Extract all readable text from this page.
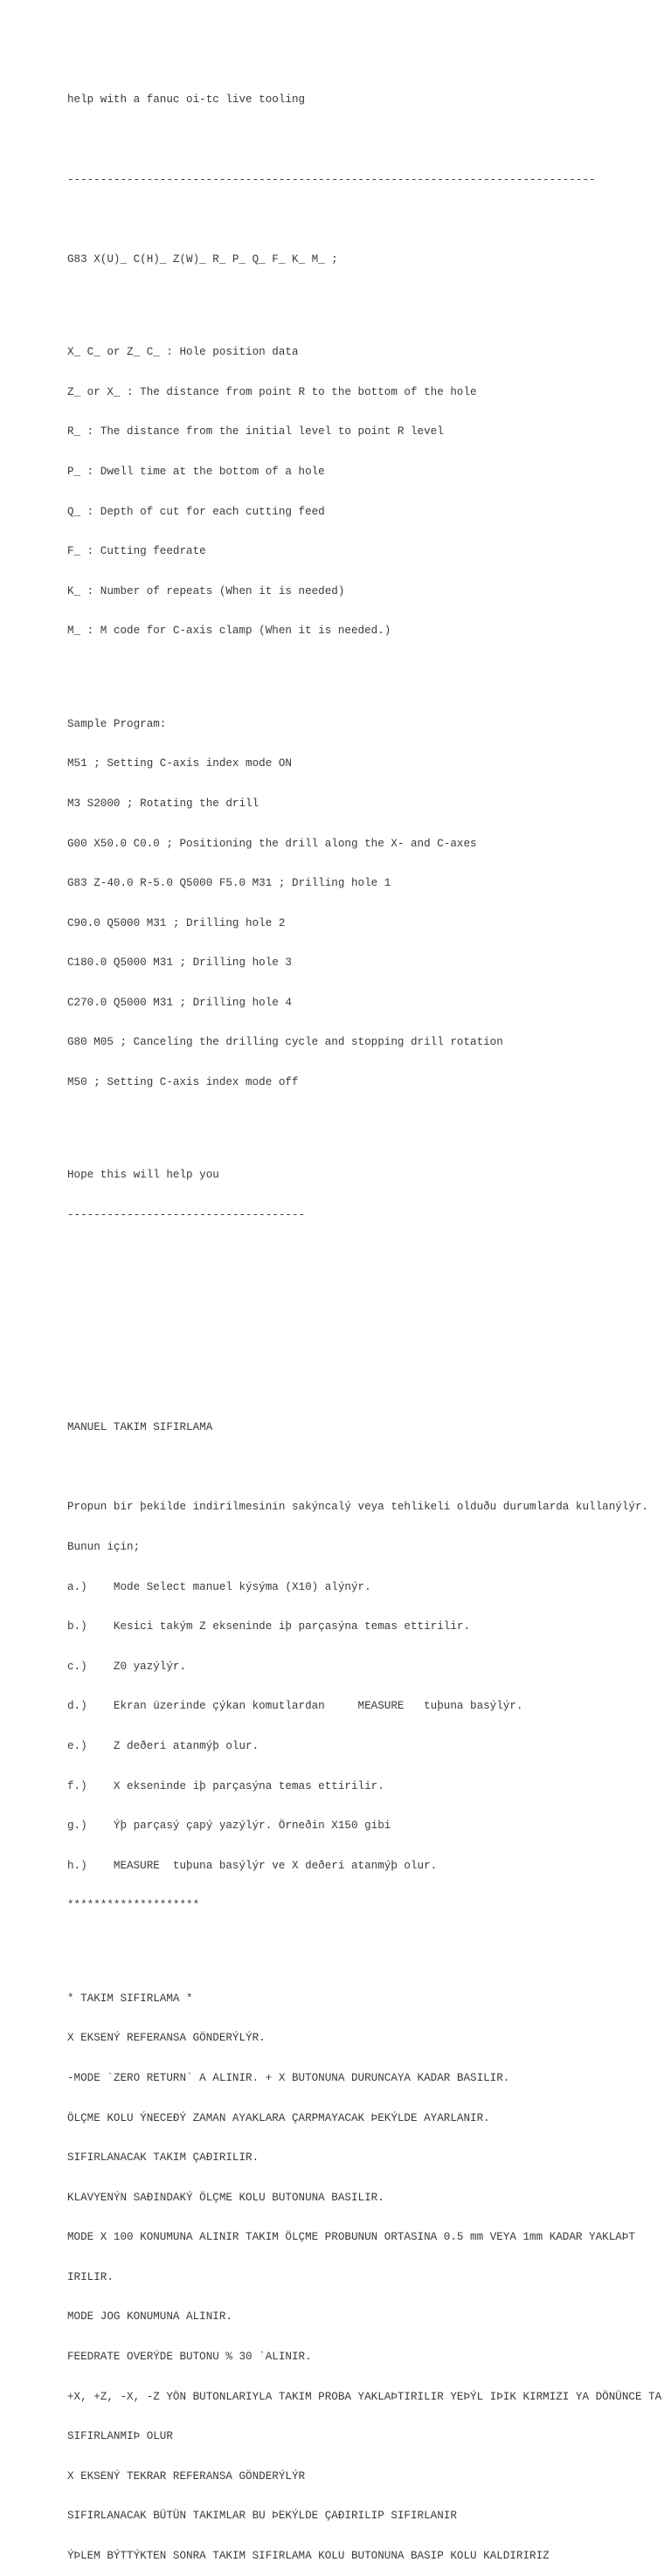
help with a fanuc oi-tc live tooling

--------------------------------------------------------------------------------

G83 X(U)_ C(H)_ Z(W)_ R_ P_ Q_ F_ K_ M_ ;

X_ C_ or Z_ C_ : Hole position data

Z_ or X_ : The distance from point R to the bottom of the hole

R_ : The distance from the initial level to point R level

P_ : Dwell time at the bottom of a hole

Q_ : Depth of cut for each cutting feed

F_ : Cutting feedrate

K_ : Number of repeats (When it is needed)

M_ : M code for C-axis clamp (When it is needed.)

Sample Program:

M51 ; Setting C-axis index mode ON

M3 S2000 ; Rotating the drill

G00 X50.0 C0.0 ; Positioning the drill along the X- and C-axes

G83 Z-40.0 R-5.0 Q5000 F5.0 M31 ; Drilling hole 1

C90.0 Q5000 M31 ; Drilling hole 2

C180.0 Q5000 M31 ; Drilling hole 3

C270.0 Q5000 M31 ; Drilling hole 4

G80 M05 ; Canceling the drilling cycle and stopping drill rotation

M50 ; Setting C-axis index mode off

Hope this will help you

------------------------------------

MANUEL TAKIM SIFIRLAMA

Propun bir þekilde indirilmesinin sakýncalý veya tehlikeli olduðu durumlarda kullanýlýr.

Bunun için;

a.)    Mode Select manuel kýsýma (X10) alýnýr.

b.)    Kesici takým Z ekseninde iþ parçasýna temas ettirilir.

c.)    Z0 yazýlýr.

d.)    Ekran üzerinde çýkan komutlardan     MEASURE   tuþuna basýlýr.

e.)    Z deðeri atanmýþ olur.

f.)    X ekseninde iþ parçasýna temas ettirilir.

g.)    Ýþ parçasý çapý yazýlýr. Örneðin X150 gibi

h.)    MEASURE  tuþuna basýlýr ve X deðeri atanmýþ olur.

********************

* TAKIM SIFIRLAMA *

X EKSENÝ REFERANSA GÖNDERÝLÝR.

-MODE `ZERO RETURN` A ALINIR. + X BUTONUNA DURUNCAYA KADAR BASILIR.

ÖLÇME KOLU ÝNECEÐÝ ZAMAN AYAKLARA ÇARPMAYACAK ÞEKÝLDE AYARLANIR.

SIFIRLANACAK TAKIM ÇAÐIRILIR.

KLAVYENÝN SAÐINDAKÝ ÖLÇME KOLU BUTONUNA BASILIR.

MODE X 100 KONUMUNA ALINIR TAKIM ÖLÇME PROBUNUN ORTASINA 0.5 mm VEYA 1mm KADAR YAKLAÞT

IRILIR.

MODE JOG KONUMUNA ALINIR.

FEEDRATE OVERÝDE BUTONU % 30 `ALINIR.

+X, +Z, -X, -Z YÖN BUTONLARIYLA TAKIM PROBA YAKLAÞTIRILIR YEÞÝL IÞIK KIRMIZI YA DÖNÜNCE TA

SIFIRLANMIÞ OLUR

X EKSENÝ TEKRAR REFERANSA GÖNDERÝLÝR

SIFIRLANACAK BÜTÜN TAKIMLAR BU ÞEKÝLDE ÇAÐIRILIP SIFIRLANIR

ÝÞLEM BÝTTÝKTEN SONRA TAKIM SIFIRLAMA KOLU BUTONUNA BASIP KOLU KALDIRIRIZ
